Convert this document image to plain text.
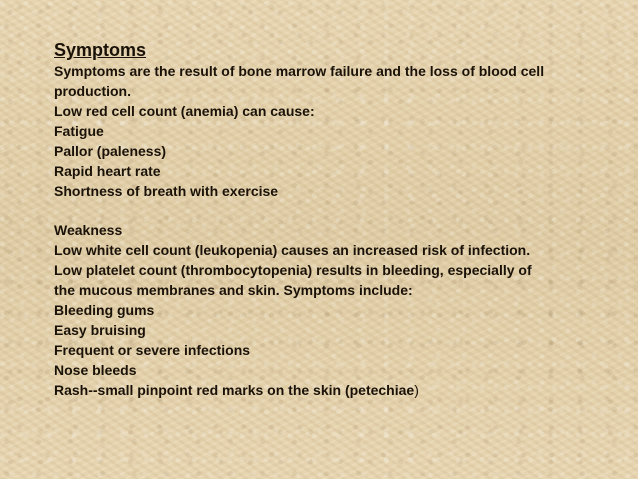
Symptoms
Symptoms are the result of bone marrow failure and the loss of blood cell
production.
Low red cell count (anemia) can cause:
Fatigue
Pallor (paleness)
Rapid heart rate
Shortness of breath with exercise
Weakness
Low white cell count (leukopenia) causes an increased risk of infection.
Low platelet count (thrombocytopenia) results in bleeding, especially of
the mucous membranes and skin. Symptoms include:
Bleeding gums
Easy bruising
Frequent or severe infections
Nose bleeds
Rash--small pinpoint red marks on the skin (petechiae)
